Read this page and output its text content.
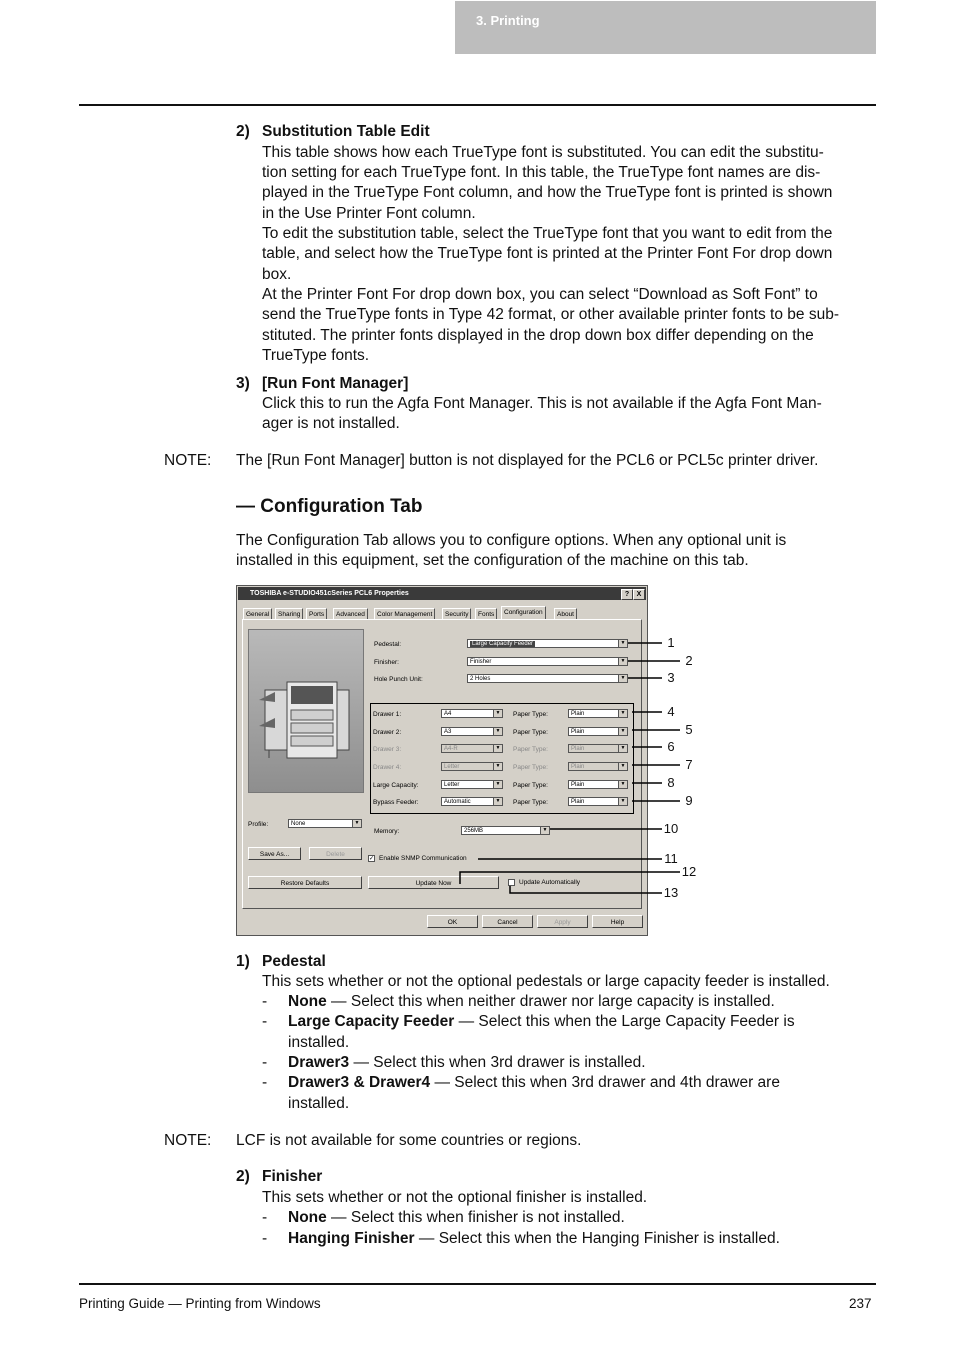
3. Printing
2) Substitution Table Edit
This table shows how each TrueType font is substituted. You can edit the substitu-
tion setting for each TrueType font. In this table, the TrueType font names are dis-
played in the TrueType Font column, and how the TrueType font is printed is shown
in the Use Printer Font column.
To edit the substitution table, select the TrueType font that you want to edit from the
table, and select how the TrueType font is printed at the Printer Font For drop down
box.
At the Printer Font For drop down box, you can select “Download as Soft Font” to
send the TrueType fonts in Type 42 format, or other available printer fonts to be sub-
stituted. The printer fonts displayed in the drop down box differ depending on the
TrueType fonts.
3) [Run Font Manager]
Click this to run the Agfa Font Manager. This is not available if the Agfa Font Man-
ager is not installed.
NOTE: The [Run Font Manager] button is not displayed for the PCL6 or PCL5c printer driver.
— Configuration Tab
The Configuration Tab allows you to configure options. When any optional unit is
installed in this equipment, set the configuration of the machine on this tab.
TOSHIBA e-STUDIO451cSeries PCL6 Properties	?	X
General	Sharing	Ports	Advanced	Color Management	Security	Fonts	Configuration	About
Pedestal:	Large Capacity Feeder	▼
Finisher:	Finisher	▼
Hole Punch Unit:	2 Holes	▼
Drawer 1:	A4	▼ Paper Type:	Plain	▼
Drawer 2:	A3	▼ Paper Type:	Plain	▼
Drawer 3:	A4-R	▼ Paper Type:	Plain	▼
Drawer 4:	Letter	▼ Paper Type:	Plain	▼
Large Capacity:	Letter	▼ Paper Type:	Plain	▼
Bypass Feeder:	Automatic	▼ Paper Type:	Plain	▼
Profile:	None	▼
Save As...	Delete
Restore Defaults
Memory:	256MB	▼
✓ Enable SNMP Communication
Update Now	Update Automatically
OK	Cancel	Apply	Help
1
2
3
4
5
6
7
8
9
10
11
12
13
1) Pedestal
This sets whether or not the optional pedestals or large capacity feeder is installed.
- None — Select this when neither drawer nor large capacity is installed.
- Large Capacity Feeder — Select this when the Large Capacity Feeder is
installed.
- Drawer3 — Select this when 3rd drawer is installed.
- Drawer3 & Drawer4 — Select this when 3rd drawer and 4th drawer are
installed.
NOTE: LCF is not available for some countries or regions.
2) Finisher
This sets whether or not the optional finisher is installed.
- None — Select this when finisher is not installed.
- Hanging Finisher — Select this when the Hanging Finisher is installed.
Printing Guide — Printing from Windows	237
